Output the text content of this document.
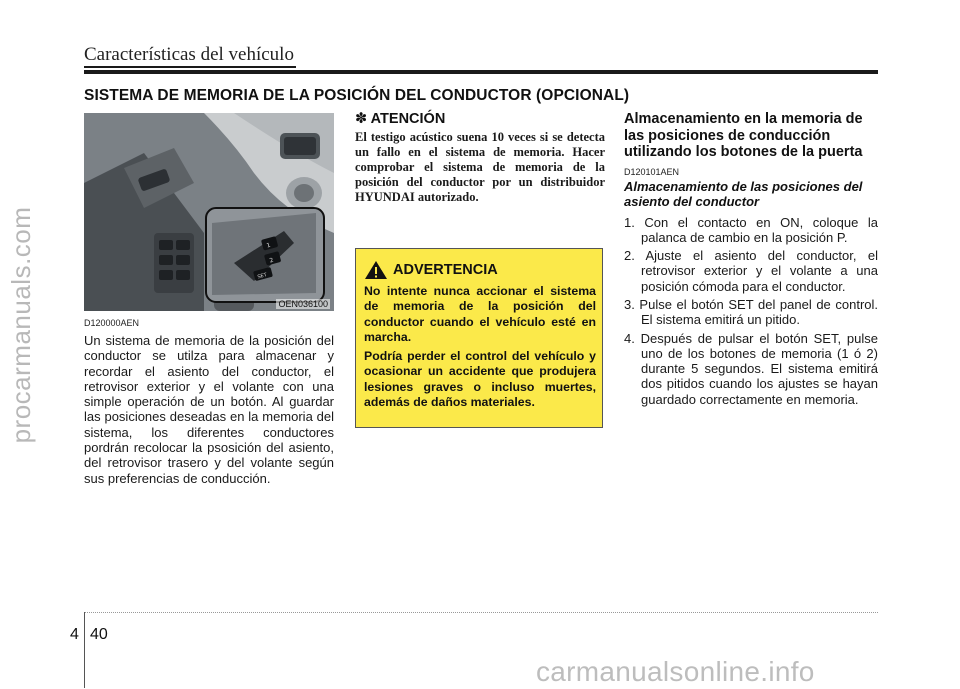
Características del vehículo
SISTEMA DE MEMORIA DE LA POSICIÓN DEL CONDUCTOR (OPCIONAL)
procarmanuals.com	1
2
SET
OEN036100
D120000AEN

Un sistema de memoria de la posición del conductor se utilza para almacenar y recordar el asiento del conductor, el retrovisor exterior y el volante con una simple operación de un botón. Al guardar las posiciones deseadas en la memoria del sistema, los diferentes conductores pordrán recolocar la psosición del asiento, del retrovisor trasero y del volante según sus preferencias de conducción.

✽ ATENCIÓN

El testigo acústico suena 10 veces si se detecta un fallo en el sistema de memoria. Hacer comprobar el sistema de memoria de la posición del conductor por un distribuidor HYUNDAI autorizado.

ADVERTENCIA

No intente nunca accionar el sistema de memoria de la posición del conductor cuando el vehículo esté en marcha.

Podría perder el control del vehículo y ocasionar un accidente que produjera lesiones graves o incluso muertes, además de daños materiales.

Almacenamiento en la memoria de las posiciones de conducción utilizando los botones de la puerta

D120101AEN

Almacenamiento de las posiciones del asiento del conductor

1. Con el contacto en ON, coloque la palanca de cambio en la posición P.
2. Ajuste el asiento del conductor, el retrovisor exterior y el volante a una posición cómoda para el conductor.
3. Pulse el botón SET del panel de control. El sistema emitirá un pitido.
4. Después de pulsar el botón SET, pulse uno de los botones de memoria (1 ó 2) durante 5 segundos. El sistema emitirá dos pitidos cuando los ajustes se hayan guardado correctamente en memoria.
4 40
carmanualsonline.info
